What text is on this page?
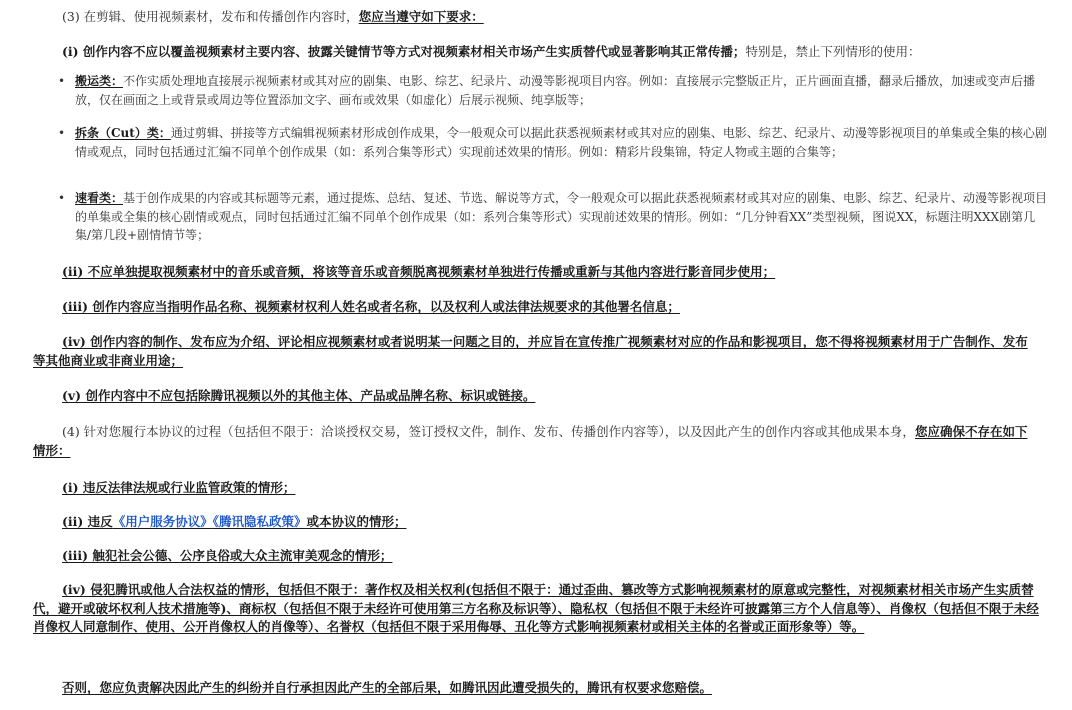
(3) 在剪辑、使用视频素材，发布和传播创作内容时，您应当遵守如下要求：

(i) 创作内容不应以覆盖视频素材主要内容、披露关键情节等方式对视频素材相关市场产生实质替代或显著影响其正常传播；特别是，禁止下列情形的使用：

• 搬运类：不作实质处理地直接展示视频素材或其对应的剧集、电影、综艺、纪录片、动漫等影视项目内容。例如：直接展示完整版正片，正片画面直播，翻录后播放，加速或变声后播放，仅在画面之上或背景或周边等位置添加文字、画布或效果（如虚化）后展示视频、纯享版等；

• 拆条（Cut）类：通过剪辑、拼接等方式编辑视频素材形成创作成果，令一般观众可以据此获悉视频素材或其对应的剧集、电影、综艺、纪录片、动漫等影视项目的单集或全集的核心剧情或观点，同时包括通过汇编不同单个创作成果（如：系列合集等形式）实现前述效果的情形。例如：精彩片段集锦，特定人物或主题的合集等；

• 速看类：基于创作成果的内容或其标题等元素，通过提炼、总结、复述、节选、解说等方式，令一般观众可以据此获悉视频素材或其对应的剧集、电影、综艺、纪录片、动漫等影视项目的单集或全集的核心剧情或观点，同时包括通过汇编不同单个创作成果（如：系列合集等形式）实现前述效果的情形。例如：“几分钟看XX”类型视频，图说XX，标题注明XXX剧第几集/第几段+剧情情节等；

(ii) 不应单独提取视频素材中的音乐或音频，将该等音乐或音频脱离视频素材单独进行传播或重新与其他内容进行影音同步使用；

(iii) 创作内容应当指明作品名称、视频素材权利人姓名或者名称，以及权利人或法律法规要求的其他署名信息；

(iv) 创作内容的制作、发布应为介绍、评论相应视频素材或者说明某一问题之目的，并应旨在宣传推广视频素材对应的作品和影视项目，您不得将视频素材用于广告制作、发布等其他商业或非商业用途；

(v) 创作内容中不应包括除腾讯视频以外的其他主体、产品或品牌名称、标识或链接。

(4) 针对您履行本协议的过程（包括但不限于：洽谈授权交易，签订授权文件，制作、发布、传播创作内容等），以及因此产生的创作内容或其他成果本身，您应确保不存在如下情形：

(i) 违反法律法规或行业监管政策的情形；

(ii) 违反《用户服务协议》《腾讯隐私政策》或本协议的情形；

(iii) 触犯社会公德、公序良俗或大众主流审美观念的情形；

(iv) 侵犯腾讯或他人合法权益的情形，包括但不限于：著作权及相关权利(包括但不限于：通过歪曲、篡改等方式影响视频素材的原意或完整性，对视频素材相关市场产生实质替代，避开或破坏权利人技术措施等)、商标权（包括但不限于未经许可使用第三方名称及标识等）、隐私权（包括但不限于未经许可披露第三方个人信息等）、肖像权（包括但不限于未经肖像权人同意制作、使用、公开肖像权人的肖像等）、名誉权（包括但不限于采用侮辱、丑化等方式影响视频素材或相关主体的名誉或正面形象等）等。

否则，您应负责解决因此产生的纠纷并自行承担因此产生的全部后果，如腾讯因此遭受损失的，腾讯有权要求您赔偿。
